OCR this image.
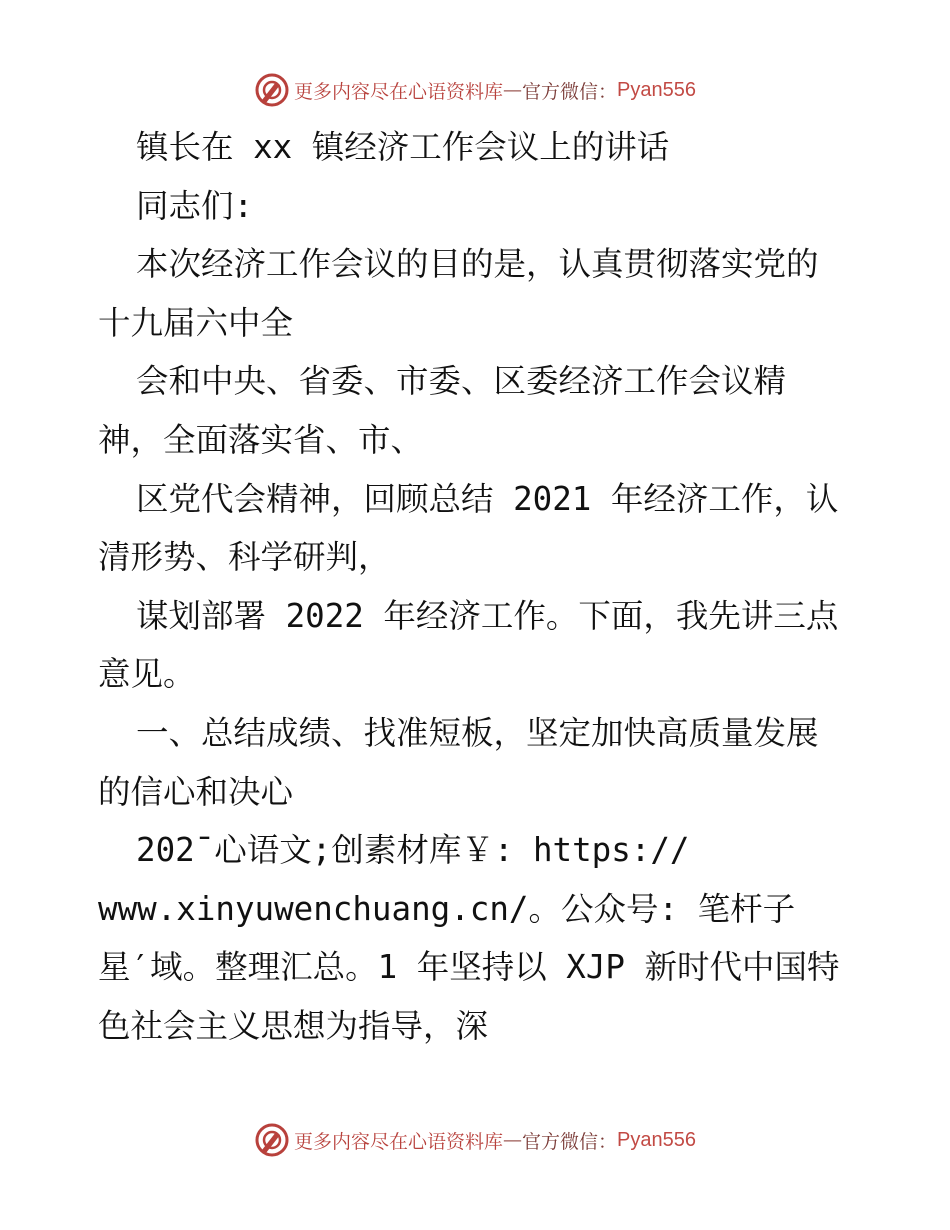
更多内容尽在心语资料库 — 官方微信： Pyan556
镇长在 xx 镇经济工作会议上的讲话
同志们:
本次经济工作会议的目的是，认真贯彻落实党的
十九届六中全
会和中央、省委、市委、区委经济工作会议精
神，全面落实省、市、
区党代会精神，回顾总结 2021 年经济工作，认
清形势、科学研判，
谋划部署 2022 年经济工作。下面，我先讲三点
意见。
一、总结成绩、找准短板，坚定加快高质量发展
的信心和决心
202¯心语文;创素材库￥: https://
www.xinyuwenchuang.cn/。公众号: 笔杆子
星′域。整理汇总。1 年坚持以 XJP 新时代中国特
色社会主义思想为指导，深
更多内容尽在心语资料库 — 官方微信： Pyan556
